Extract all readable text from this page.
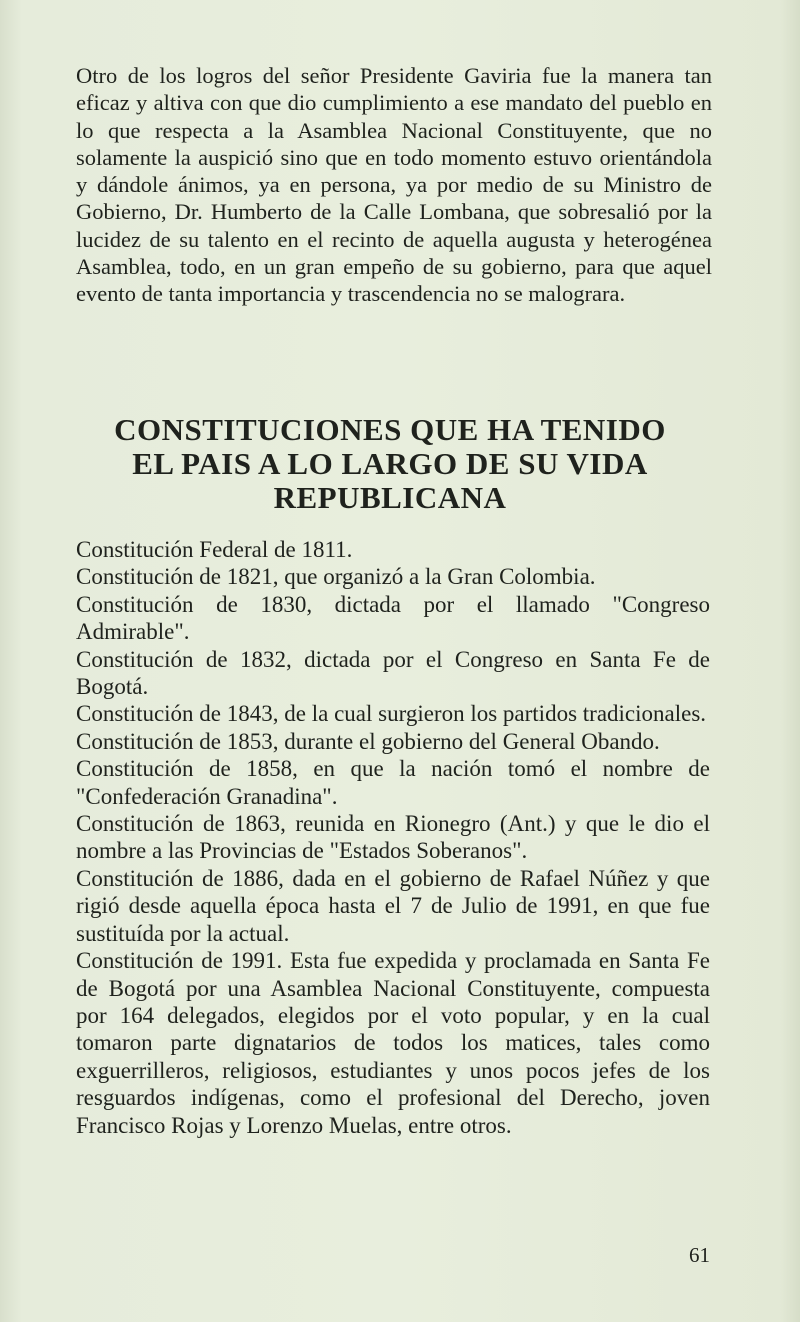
Otro de los logros del señor Presidente Gaviria fue la manera tan eficaz y altiva con que dio cumplimiento a ese mandato del pueblo en lo que respecta a la Asamblea Nacional Constituyente, que no solamente la auspició sino que en todo momento estuvo orientándola y dándole ánimos, ya en persona, ya por medio de su Ministro de Gobierno, Dr. Humberto de la Calle Lombana, que sobresalió por la lucidez de su talento en el recinto de aquella augusta y heterogénea Asamblea, todo, en un gran empeño de su gobierno, para que aquel evento de tanta importancia y trascendencia no se malograra.

CONSTITUCIONES QUE HA TENIDO
EL PAIS A LO LARGO DE SU VIDA
REPUBLICANA
Constitución Federal de 1811.
Constitución de 1821, que organizó a la Gran Colombia.
Constitución de 1830, dictada por el llamado "Congreso Admirable".
Constitución de 1832, dictada por el Congreso en Santa Fe de Bogotá.
Constitución de 1843, de la cual surgieron los partidos tradicionales.
Constitución de 1853, durante el gobierno del General Obando.
Constitución de 1858, en que la nación tomó el nombre de "Confederación Granadina".
Constitución de 1863, reunida en Rionegro (Ant.) y que le dio el nombre a las Provincias de "Estados Soberanos".
Constitución de 1886, dada en el gobierno de Rafael Núñez y que rigió desde aquella época hasta el 7 de Julio de 1991, en que fue sustituída por la actual.
Constitución de 1991. Esta fue expedida y proclamada en Santa Fe de Bogotá por una Asamblea Nacional Constituyente, compuesta por 164 delegados, elegidos por el voto popular, y en la cual tomaron parte dignatarios de todos los matices, tales como exguerrilleros, religiosos, estudiantes y unos pocos jefes de los resguardos indígenas, como el profesional del Derecho, joven Francisco Rojas y Lorenzo Muelas, entre otros.
61
